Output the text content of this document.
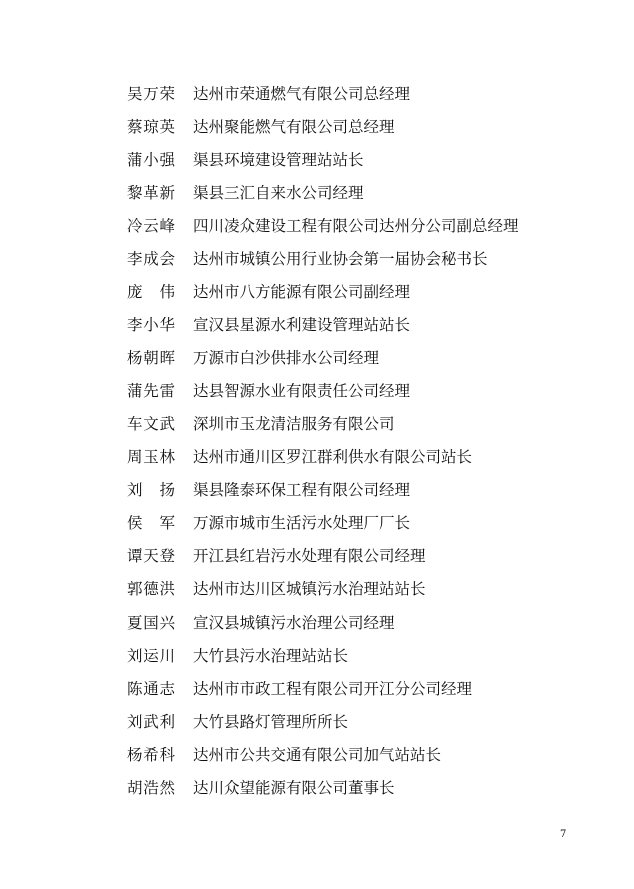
吴万荣 达州市荣通燃气有限公司总经理
蔡琼英 达州聚能燃气有限公司总经理
蒲小强 渠县环境建设管理站站长
黎革新 渠县三汇自来水公司经理
冷云峰 四川凌众建设工程有限公司达州分公司副总经理
李成会 达州市城镇公用行业协会第一届协会秘书长
庞伟 达州市八方能源有限公司副经理
李小华 宣汉县星源水利建设管理站站长
杨朝晖 万源市白沙供排水公司经理
蒲先雷 达县智源水业有限责任公司经理
车文武 深圳市玉龙清洁服务有限公司
周玉林 达州市通川区罗江群利供水有限公司站长
刘扬 渠县隆泰环保工程有限公司经理
侯军 万源市城市生活污水处理厂厂长
谭天登 开江县红岩污水处理有限公司经理
郭德洪 达州市达川区城镇污水治理站站长
夏国兴 宣汉县城镇污水治理公司经理
刘运川 大竹县污水治理站站长
陈通志 达州市市政工程有限公司开江分公司经理
刘武利 大竹县路灯管理所所长
杨希科 达州市公共交通有限公司加气站站长
胡浩然 达川众望能源有限公司董事长
7
